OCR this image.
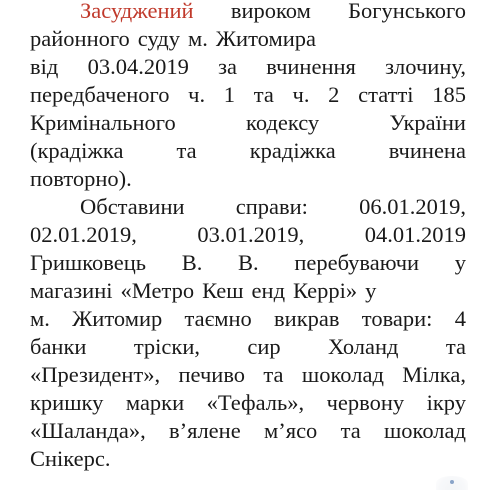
Засуджений вироком Богунського
районного суду м. Житомира
від 03.04.2019 за вчинення злочину,
передбаченого ч. 1 та ч. 2 статті 185
Кримінального	кодексу	України
(крадіжка та крадіжка вчинена
повторно).
Обставини справи: 06.01.2019,
02.01.2019,	03.01.2019,	04.01.2019
Гришковець В. В. перебуваючи у
магазині «Метро Кеш енд Керрі» у
м. Житомир таємно викрав товари: 4
банки тріски, сир Холанд та
«Президент», печиво та шоколад Мілка,
кришку марки «Тефаль», червону ікру
«Шаланда», в’ялене м’ясо та шоколад
Снікерс.
